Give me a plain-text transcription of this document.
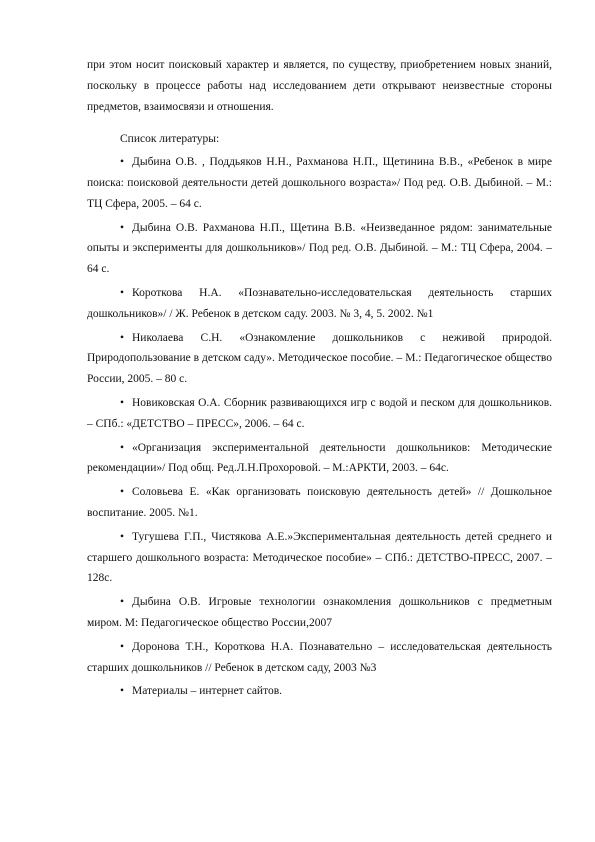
при этом носит поисковый характер и является, по существу, приобретением новых знаний, поскольку в процессе работы над исследованием дети открывают неизвестные стороны предметов, взаимосвязи и отношения.

Список литературы:

• Дыбина О.В. , Поддьяков Н.Н., Рахманова Н.П., Щетинина В.В., «Ребенок в мире поиска: поисковой деятельности детей дошкольного возраста»/ Под ред. О.В. Дыбиной. – М.: ТЦ Сфера, 2005. – 64 с.
• Дыбина О.В. Рахманова Н.П., Щетина В.В. «Неизведанное рядом: занимательные опыты и эксперименты для дошкольников»/ Под ред. О.В. Дыбиной. – М.: ТЦ Сфера, 2004. – 64 с.
• Короткова Н.А. «Познавательно-исследовательская деятельность старших дошкольников»/ / Ж. Ребенок в детском саду. 2003. № 3, 4, 5. 2002. №1
• Николаева С.Н. «Ознакомление дошкольников с неживой природой. Природопользование в детском саду». Методическое пособие. – М.: Педагогическое общество России, 2005. – 80 с.
• Новиковская О.А. Сборник развивающихся игр с водой и песком для дошкольников. – СПб.: «ДЕТСТВО – ПРЕСС», 2006. – 64 с.
• «Организация экспериментальной деятельности дошкольников: Методические рекомендации»/ Под общ. Ред.Л.Н.Прохоровой. – М.:АРКТИ, 2003. – 64с.
• Соловьева Е. «Как организовать поисковую деятельность детей» // Дошкольное воспитание. 2005. №1.
• Тугушева Г.П., Чистякова А.Е.»Экспериментальная деятельность детей среднего и старшего дошкольного возраста: Методическое пособие» – СПб.: ДЕТСТВО-ПРЕСС, 2007. – 128с.
• Дыбина О.В. Игровые технологии ознакомления дошкольников с предметным миром. М: Педагогическое общество России,2007
• Доронова Т.Н., Короткова Н.А. Познавательно – исследовательская деятельность старших дошкольников // Ребенок в детском саду, 2003 №3
• Материалы – интернет сайтов.
